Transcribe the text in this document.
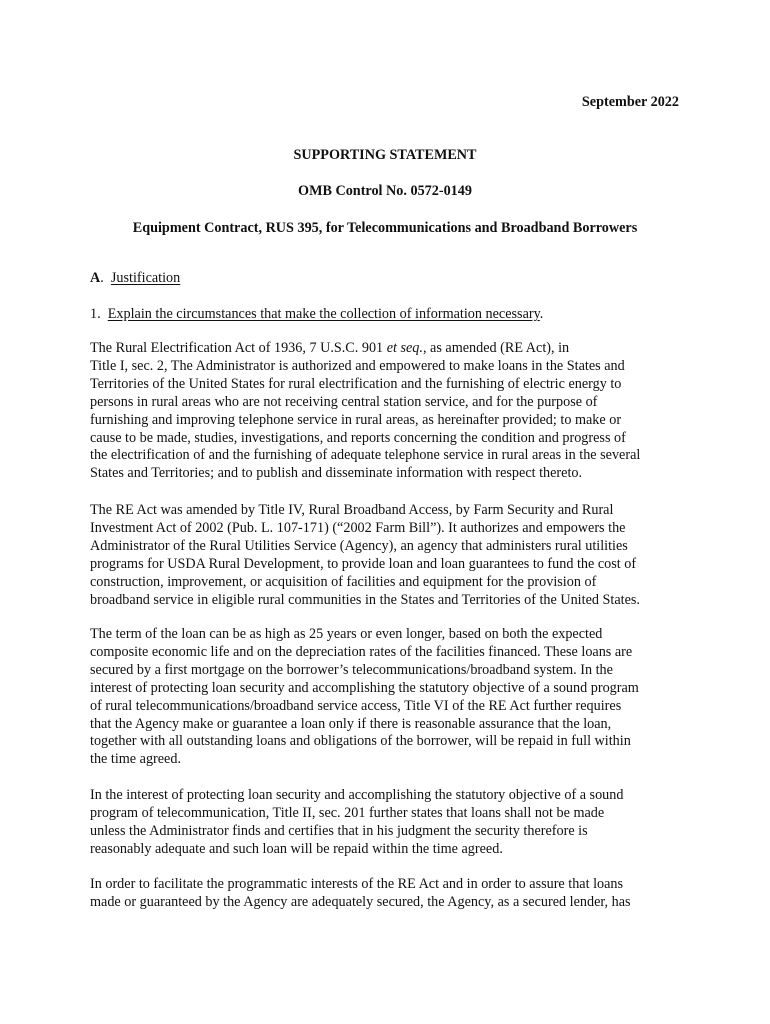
September 2022
SUPPORTING STATEMENT
OMB Control No. 0572-0149
Equipment Contract, RUS 395, for Telecommunications and Broadband Borrowers
A.  Justification
1. Explain the circumstances that make the collection of information necessary.
The Rural Electrification Act of 1936, 7 U.S.C. 901 et seq., as amended (RE Act), in
Title I, sec. 2, The Administrator is authorized and empowered to make loans in the States and
Territories of the United States for rural electrification and the furnishing of electric energy to
persons in rural areas who are not receiving central station service, and for the purpose of
furnishing and improving telephone service in rural areas, as hereinafter provided; to make or
cause to be made, studies, investigations, and reports concerning the condition and progress of
the electrification of and the furnishing of adequate telephone service in rural areas in the several
States and Territories; and to publish and disseminate information with respect thereto.
The RE Act was amended by Title IV, Rural Broadband Access, by Farm Security and Rural
Investment Act of 2002 (Pub. L. 107-171) (“2002 Farm Bill”). It authorizes and empowers the
Administrator of the Rural Utilities Service (Agency), an agency that administers rural utilities
programs for USDA Rural Development, to provide loan and loan guarantees to fund the cost of
construction, improvement, or acquisition of facilities and equipment for the provision of
broadband service in eligible rural communities in the States and Territories of the United States.
The term of the loan can be as high as 25 years or even longer, based on both the expected
composite economic life and on the depreciation rates of the facilities financed. These loans are
secured by a first mortgage on the borrower’s telecommunications/broadband system. In the
interest of protecting loan security and accomplishing the statutory objective of a sound program
of rural telecommunications/broadband service access, Title VI of the RE Act further requires
that the Agency make or guarantee a loan only if there is reasonable assurance that the loan,
together with all outstanding loans and obligations of the borrower, will be repaid in full within
the time agreed.
In the interest of protecting loan security and accomplishing the statutory objective of a sound
program of telecommunication, Title II, sec. 201 further states that loans shall not be made
unless the Administrator finds and certifies that in his judgment the security therefore is
reasonably adequate and such loan will be repaid within the time agreed.
In order to facilitate the programmatic interests of the RE Act and in order to assure that loans
made or guaranteed by the Agency are adequately secured, the Agency, as a secured lender, has
